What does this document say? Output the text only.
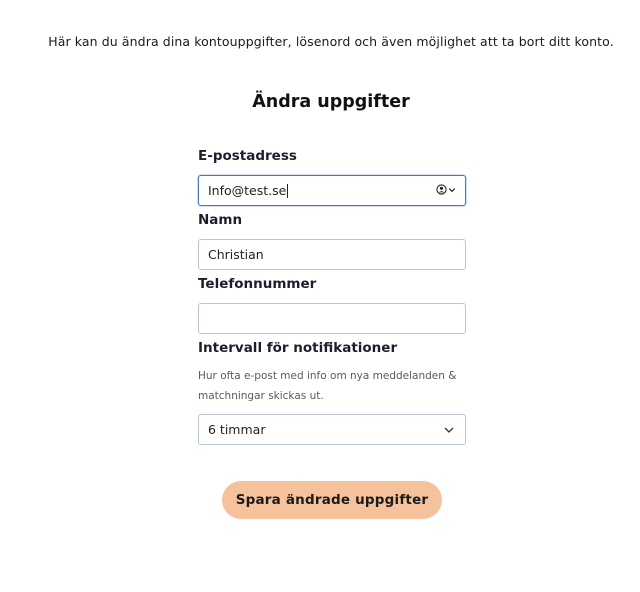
Här kan du ändra dina kontouppgifter, lösenord och även möjlighet att ta bort ditt konto.
Ändra uppgifter
E-postadress
Info@test.se
Namn
Christian
Telefonnummer
Intervall för notifikationer
Hur ofta e-post med info om nya meddelanden & matchningar skickas ut.
6 timmar
Spara ändrade uppgifter
